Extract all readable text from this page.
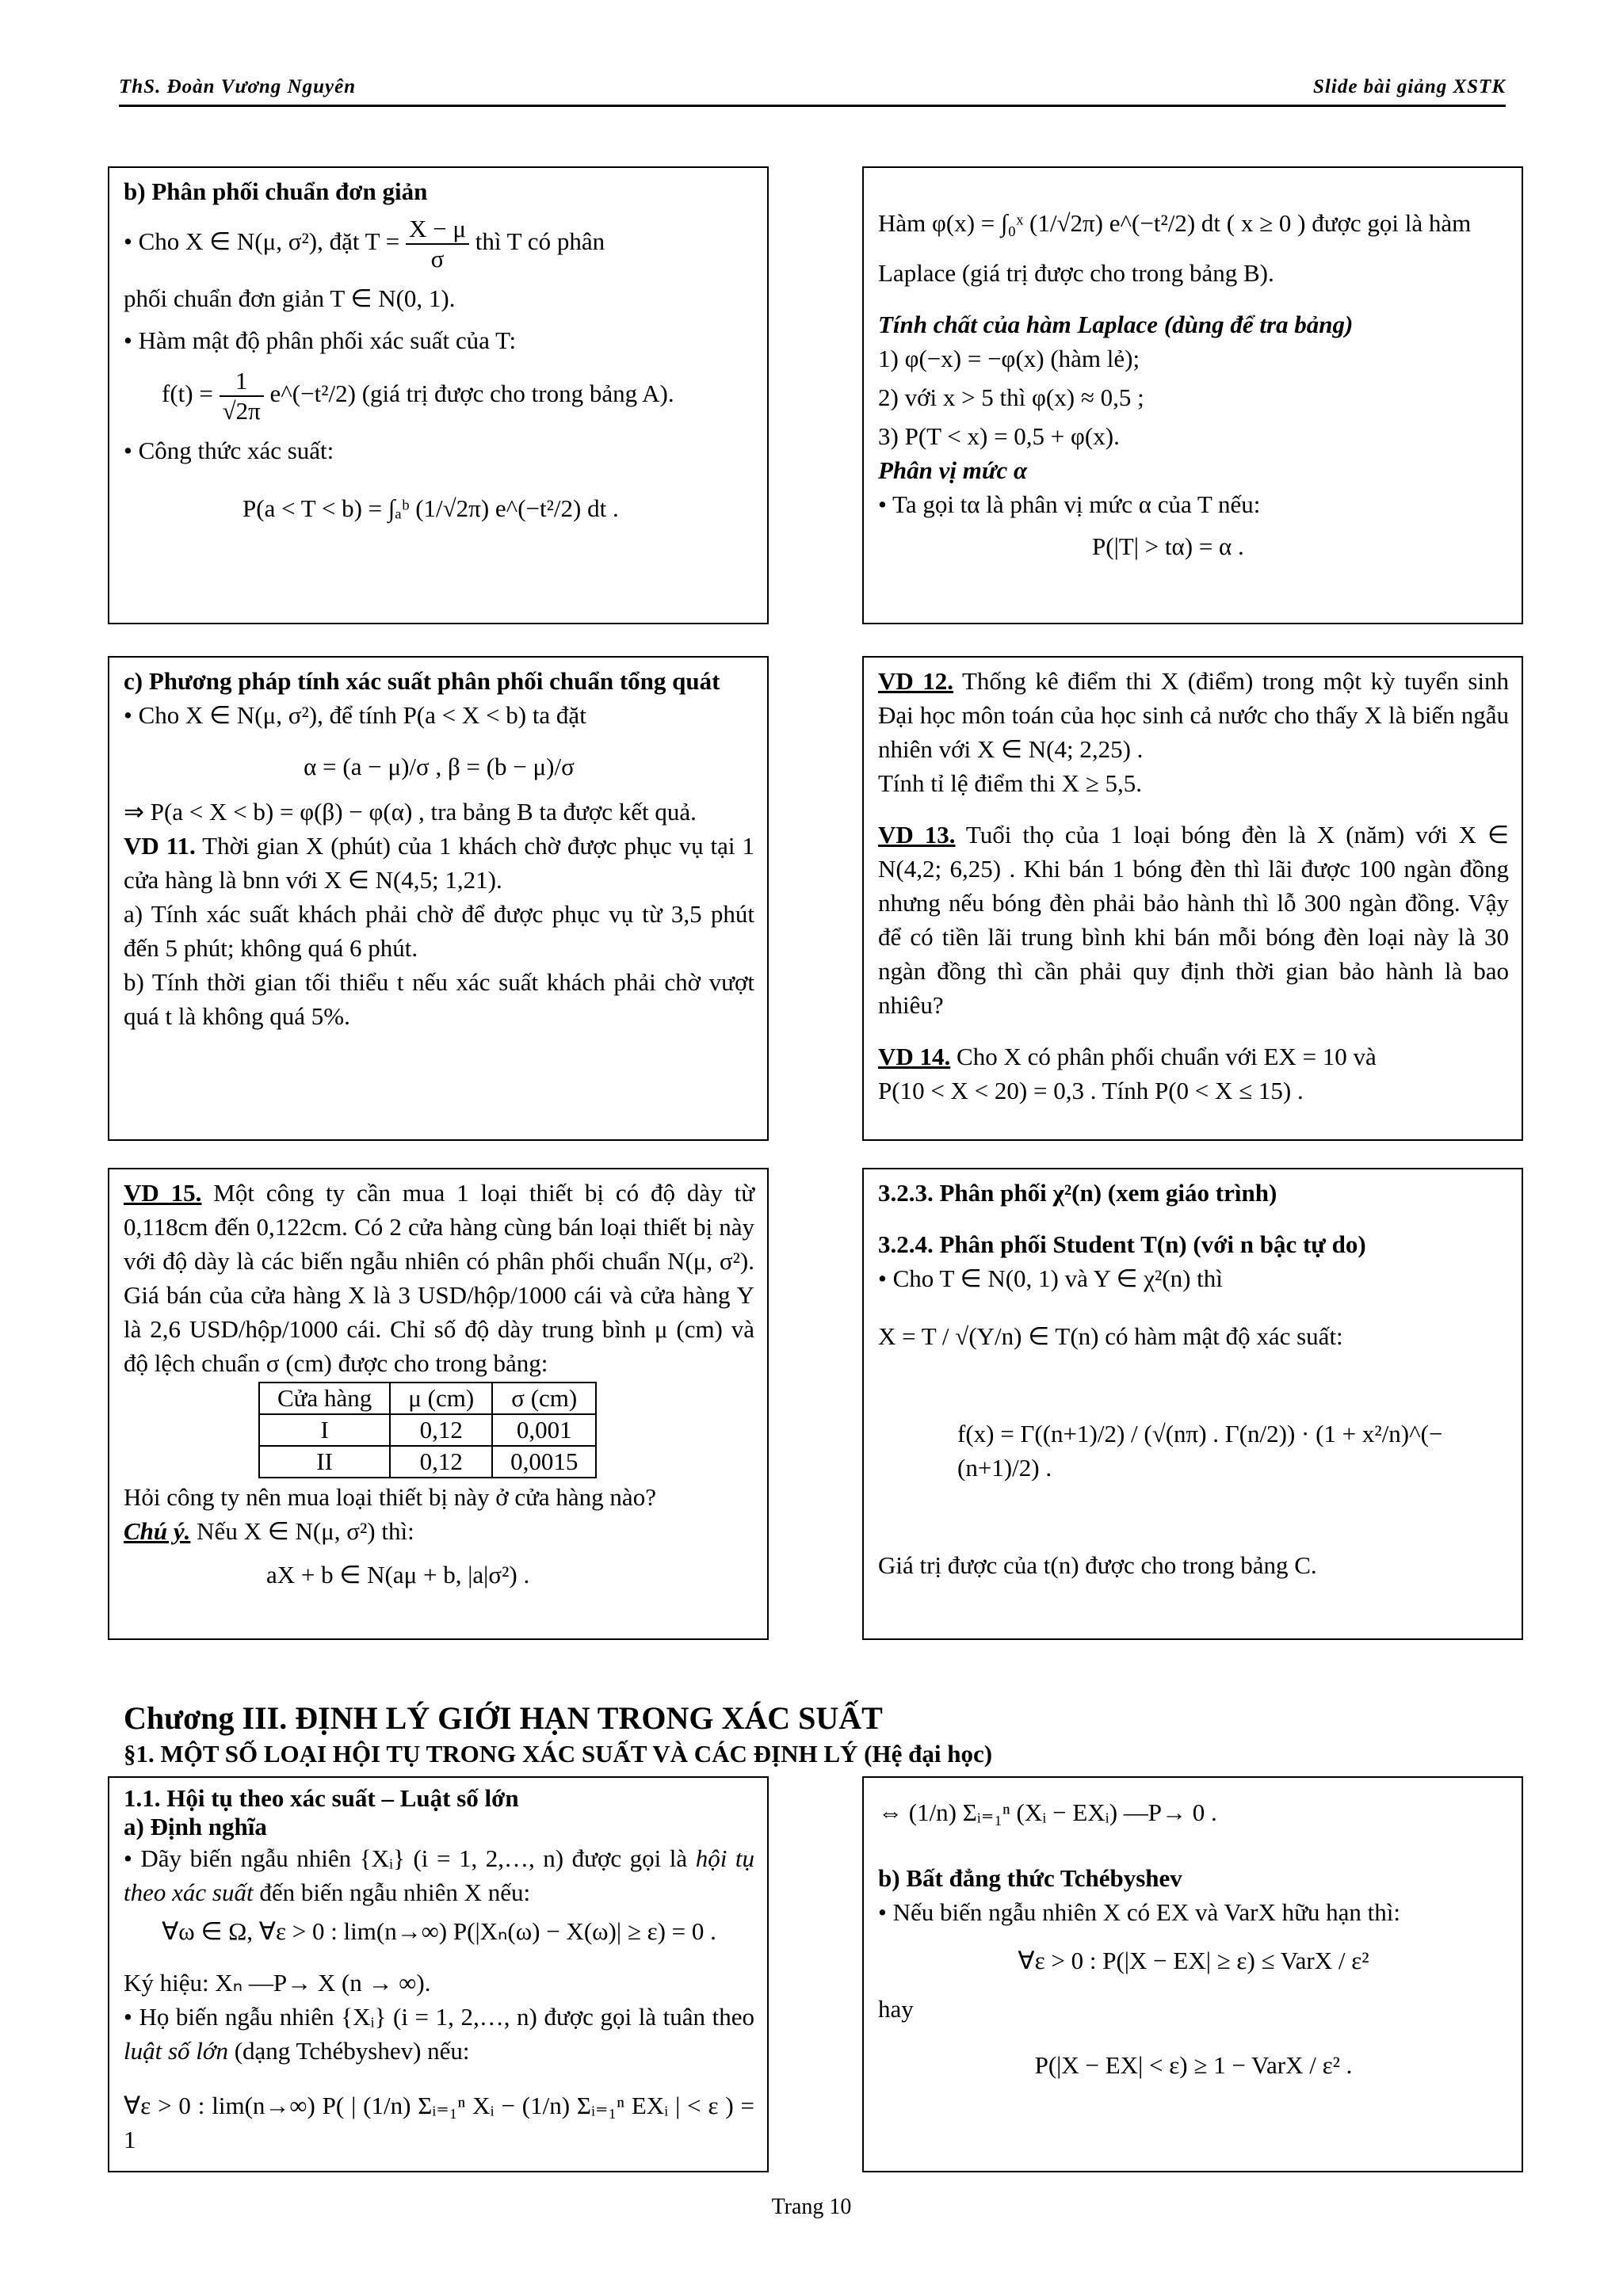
ThS. Đoàn Vương Nguyên	Slide bài giảng XSTK

b) Phân phối chuẩn đơn giản

• Cho X ∈ N(μ, σ²), đặt $T = \frac{X - \mu}{\sigma}$ thì T có phân

phối chuẩn đơn giản T ∈ N(0, 1).

• Hàm mật độ phân phối xác suất của T:

$f(t) = \frac{1}{√2\pi}$ e^(−t²/2) (giá trị được cho trong bảng A).

• Công thức xác suất:

P(a < T < b) = ∫ₐᵇ (1/√2π) e^(−t²/2) dt .

Hàm φ(x) = ∫₀ˣ (1/√2π) e^(−t²/2) dt ( x ≥ 0 ) được gọi là hàm

Laplace (giá trị được cho trong bảng B).

Tính chất của hàm Laplace (dùng để tra bảng)

1) φ(−x) = −φ(x) (hàm lẻ);

2) với x > 5 thì φ(x) ≈ 0,5 ;

3) P(T < x) = 0,5 + φ(x).

Phân vị mức α

• Ta gọi tα là phân vị mức α của T nếu:

P(|T| > tα) = α .

c) Phương pháp tính xác suất phân phối chuẩn tổng quát

• Cho X ∈ N(μ, σ²), để tính P(a < X < b) ta đặt

α = (a − μ)/σ , β = (b − μ)/σ

⇒ P(a < X < b) = φ(β) − φ(α) , tra bảng B ta được kết quả.

VD 11. Thời gian X (phút) của 1 khách chờ được phục vụ tại 1 cửa hàng là bnn với X ∈ N(4,5; 1,21).

a) Tính xác suất khách phải chờ để được phục vụ từ 3,5 phút đến 5 phút; không quá 6 phút.

b) Tính thời gian tối thiểu t nếu xác suất khách phải chờ vượt quá t là không quá 5%.

VD 12. Thống kê điểm thi X (điểm) trong một kỳ tuyển sinh Đại học môn toán của học sinh cả nước cho thấy X là biến ngẫu nhiên với X ∈ N(4; 2,25) .

Tính tỉ lệ điểm thi X ≥ 5,5.

VD 13. Tuổi thọ của 1 loại bóng đèn là X (năm) với X ∈ N(4,2; 6,25) . Khi bán 1 bóng đèn thì lãi được 100 ngàn đồng nhưng nếu bóng đèn phải bảo hành thì lỗ 300 ngàn đồng. Vậy để có tiền lãi trung bình khi bán mỗi bóng đèn loại này là 30 ngàn đồng thì cần phải quy định thời gian bảo hành là bao nhiêu?

VD 14. Cho X có phân phối chuẩn với EX = 10 và

P(10 < X < 20) = 0,3 . Tính P(0 < X ≤ 15) .

VD 15. Một công ty cần mua 1 loại thiết bị có độ dày từ 0,118cm đến 0,122cm. Có 2 cửa hàng cùng bán loại thiết bị này với độ dày là các biến ngẫu nhiên có phân phối chuẩn N(μ, σ²). Giá bán của cửa hàng X là 3 USD/hộp/1000 cái và cửa hàng Y là 2,6 USD/hộp/1000 cái. Chỉ số độ dày trung bình μ (cm) và độ lệch chuẩn σ (cm) được cho trong bảng:

Cửa hàng	μ (cm)	σ (cm)
I	0,12	0,001
II	0,12	0,0015

Hỏi công ty nên mua loại thiết bị này ở cửa hàng nào?

Chú ý. Nếu X ∈ N(μ, σ²) thì:

aX + b ∈ N(aμ + b, |a|σ²) .

3.2.3. Phân phối χ²(n) (xem giáo trình)

3.2.4. Phân phối Student T(n) (với n bậc tự do)

• Cho T ∈ N(0, 1) và Y ∈ χ²(n) thì

X = T / √(Y/n) ∈ T(n) có hàm mật độ xác suất:

f(x) = Γ((n+1)/2) / (√(nπ) . Γ(n/2)) · (1 + x²/n)^(−(n+1)/2) .

Giá trị được của t(n) được cho trong bảng C.

Chương III. ĐỊNH LÝ GIỚI HẠN TRONG XÁC SUẤT
§1. MỘT SỐ LOẠI HỘI TỤ TRONG XÁC SUẤT VÀ CÁC ĐỊNH LÝ (Hệ đại học)

1.1. Hội tụ theo xác suất – Luật số lớn

a) Định nghĩa

• Dãy biến ngẫu nhiên {Xᵢ} (i = 1, 2,…, n) được gọi là hội tụ theo xác suất đến biến ngẫu nhiên X nếu:

∀ω ∈ Ω, ∀ε > 0 : lim(n→∞) P(|Xₙ(ω) − X(ω)| ≥ ε) = 0 .

Ký hiệu: Xₙ —P→ X (n → ∞).

• Họ biến ngẫu nhiên {Xᵢ} (i = 1, 2,…, n) được gọi là tuân theo luật số lớn (dạng Tchébyshev) nếu:

∀ε > 0 : lim(n→∞) P( | (1/n) Σᵢ₌₁ⁿ Xᵢ − (1/n) Σᵢ₌₁ⁿ EXᵢ | < ε ) = 1

⇔ (1/n) Σᵢ₌₁ⁿ (Xᵢ − EXᵢ) —P→ 0 .

b) Bất đẳng thức Tchébyshev

• Nếu biến ngẫu nhiên X có EX và VarX hữu hạn thì:

∀ε > 0 : P(|X − EX| ≥ ε) ≤ VarX / ε²

hay

P(|X − EX| < ε) ≥ 1 − VarX / ε² .

Trang 10
